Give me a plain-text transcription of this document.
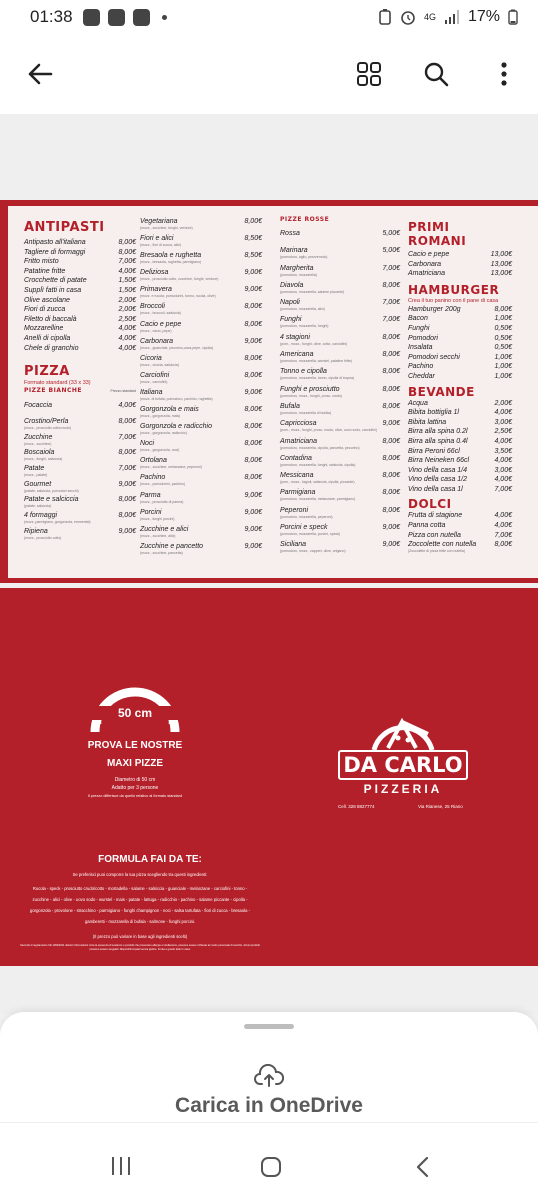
01:38	4G 17%
ANTIPASTI
Antipasto all'italiana	8,00€
Tagliere di formaggi	8,00€
Fritto misto	7,00€
Patatine fritte	4,00€
Crocchette di patate	1,50€
Supplì fatti in casa	1,50€
Olive ascolane	2,00€
Fiori di zucca	2,00€
Filetto di baccalà	2,50€
Mozzarelline	4,00€
Anelli di cipolla	4,00€
Chele di granchio	4,00€
PIZZA
Formato standard (33 x 33)
PIZZE BIANCHE	Prezzo standard
Focaccia	4,00€
Crostino/Perla	8,00€
(mozz., prosciutto cotto/crudo)
Zucchine	7,00€
(mozz., zucchine)
Boscaiola	8,00€
(mozz., funghi, salsiccia)
Patate	7,00€
(mozz., patate)
Gourmet	9,00€
(patate, salsiccia, pomodori secchi)
Patate e salciccia	8,00€
(patate, salsiccia)
4 formaggi	8,00€
(mozz.,parmigiano, gorgonzola, emmental)
Ripiena	9,00€
(mozz., prosciutto cotto)
Vegetariana	8,00€
(mozz., zucchine, funghi, verdure)
Fiori e alici	8,50€
(mozz., fiori di zucca, alici)
Bresaola e rughetta	8,50€
(mozz., bresaola, rughetta, parmigiano)
Deliziosa	9,00€
(mozz., prosciutto cotto, zucchine, funghi, verdure)
Primavera	9,00€
(mozz. e rucola, pomodorini, tonno, rucola, olive)
Broccoli	8,00€
(mozz., broccoli, salsiccia)
Cacio e pepe	8,00€
(mozz., cacio, pepe)
Carbonara	9,00€
(mozz., guanciale, pecorino,uova,pepe, cipolla)
Cicoria	8,00€
(mozz., cicoria, salsiccia)
Carciofini	8,00€
(mozz., carciofini)
Italiana	9,00€
(mozz. di bufala, pomodoro, pachino, rughetta)
Gorgonzola e mais	8,00€
(mozz., gorgonzola, mais)
Gorgonzola e radicchio	8,00€
(mozz., gorgonzola, radicchio)
Noci	8,00€
(mozz., gorgonzola, noci)
Ortolana	8,00€
(mozz., zucchine, melanzane, peperoni)
Pachino	8,00€
(mozz., pomodorini, pachino)
Parma	9,00€
(mozz., prosciutto di parma)
Porcini	9,00€
(mozz., funghi porcini)
Zucchine e alici	9,00€
(mozz., zucchine, alici)
Zucchine e pancetto	9,00€
(mozz., zucchine, pancetta)
PIZZE ROSSE
Rossa	5,00€
Marinara	5,00€
(pomodoro, aglio, prezzemolo)
Margherita	7,00€
(pomodoro, mozzarella)
Diavola	8,00€
(pomodoro, mozzarella, salame piccante)
Napoli	7,00€
(pomodoro, mozzarella, alici)
Funghi	7,00€
(pomodoro, mozzarella, funghi)
4 stagioni	8,00€
(pom., mozz., funghi, olive, cotto, carciofini)
Americana	8,00€
(pomodoro, mozzarella, wurstel, patatine fritte)
Tonno e cipolla	8,00€
(pomodoro, mozzarella, tonno, cipolla di tropea)
Funghi e prosciutto	8,00€
(pomodoro, mozz., funghi, prosc. crudo)
Bufala	8,00€
(pomodoro, mozzarella di bufala)
Capricciosa	9,00€
(pom., mozz., funghi, prosc. crudo, olive, uovo sodo, carciofini)
Amatriciana	8,00€
(pomodoro, mozzarella, cipolla, pancetta, pecorino)
Contadina	8,00€
(pomodoro, mozzarella, funghi, salsiccia, cipolla)
Messicana	8,00€
(pom., mozz., fagioli, salsiccia, cipolla, piccante)
Parmigiana	8,00€
(pomodoro, mozzarella, melanzane, parmigiano)
Peperoni	8,00€
(pomodoro, mozzarella, peperoni)
Porcini e speck	9,00€
(pomodoro, mozzarella, porcini, speck)
Siciliana	9,00€
(pomodoro, mozz., capperi, olive, origano)
PRIMI ROMANI
Cacio e pepe	13,00€
Carbonara	13,00€
Amatriciana	13,00€
HAMBURGER
Crea il tuo panino con il pane di casa
Hamburger 200g	8,00€
Bacon	1,00€
Funghi	0,50€
Pomodori	0,50€
Insalata	0,50€
Pomodori secchi	1,00€
Pachino	1,00€
Cheddar	1,00€
BEVANDE
Acqua	2,00€
Bibita bottiglia 1l	4,00€
Bibita lattina	3,00€
Birra alla spina 0.2l	2,50€
Birra alla spina 0.4l	4,00€
Birra Peroni 66cl	3,50€
Birra Neineken 66cl	4,00€
Vino della casa 1/4	3,00€
Vino della casa 1/2	4,00€
Vino della casa 1l	7,00€
DOLCI
Frutta di stagione	4,00€
Panna cotta	4,00€
Pizza con nutella	7,00€
Zoccolette con nutella	8,00€
(Zoccolette di pizza fritte con nutella)
50 cm
PROVA LE NOSTRE
MAXI PIZZE
Diametro di 50 cm
Adatto per 3 persone
Il prezzo differisce da quello relativo al formato standard
DA CARLO
PIZZERIA
Cell. 328 8827774	Via Rianese, 25 Riano
FORMULA FAI DA TE:
Se preferisci puoi comporre la tua pizza scegliendo tra questi ingredienti:
Rucola - speck - prosciutto crudo/cotto - mortadella - salame - salsiccia - guanciale - melanzane - carciofini - tonno -
zucchine - alici - olive - uovo sodo - wurstel - mais - patate - lattuga - radicchio - pachino - salame piccante - cipolla -
gorgonzola - provolone - stracchino - parmigiano - funghi champignon - noci - salsa tartufata - fiori di zucca - bresaola -
gamberetti - mozzarella di bufala - salmone - funghi porcini.
(Il prezzo può variare in base agli ingredienti scelti)
Secondo il regolamento CE 1169/2011 ulteriori informazioni circa la presenza di sostanze o prodotti che provocano allergie o intolleranze, possono essere richieste al nostro personale di servizio. Alcuni prodotti possono essere surgelati. Disponibili impasti senza glutine. Frutta a guscio fatto in casa.
Carica in OneDrive
